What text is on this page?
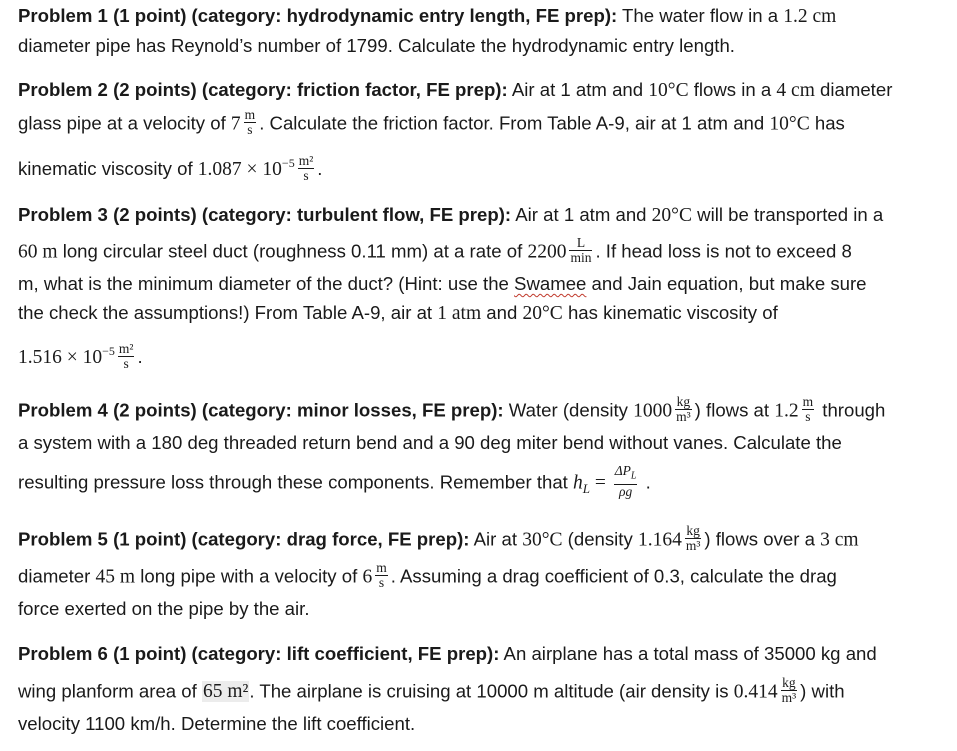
Problem 1 (1 point) (category: hydrodynamic entry length, FE prep): The water flow in a 1.2 cm
diameter pipe has Reynold’s number of 1799. Calculate the hydrodynamic entry length.
Problem 2 (2 points) (category: friction factor, FE prep): Air at 1 atm and 10°C flows in a 4 cm diameter
glass pipe at a velocity of $7 \frac{m}{s}$ . Calculate the friction factor. From Table A-9, air at 1 atm and 10°C has
kinematic viscosity of $1.087 \times 10^{-5} \frac{\text{m²}}{s}$ .
Problem 3 (2 points) (category: turbulent flow, FE prep): Air at 1 atm and 20°C will be transported in a
60 m long circular steel duct (roughness 0.11 mm) at a rate of $2200 \frac{L}{\min}$ . If head loss is not to exceed 8
m, what is the minimum diameter of the duct? (Hint: use the Swamee and Jain equation, but make sure
the check the assumptions!) From Table A-9, air at 1 atm and 20°C has kinematic viscosity of
$1.516 \times 10^{-5} \frac{\text{m²}}{s}$ .
Problem 4 (2 points) (category: minor losses, FE prep): Water (density $1000 \frac{kg}{\text{m³}}$ ) flows at $1.2 \frac{m}{s}$ through
a system with a 180 deg threaded return bend and a 90 deg miter bend without vanes. Calculate the
resulting pressure loss through these components. Remember that $h_L = \frac{\Delta P_L}{\rho g}$ .
Problem 5 (1 point) (category: drag force, FE prep): Air at 30°C (density $1.164 \frac{kg}{\text{m³}}$ ) flows over a 3 cm
diameter 45 m long pipe with a velocity of $6 \frac{m}{s}$ . Assuming a drag coefficient of 0.3, calculate the drag
force exerted on the pipe by the air.
Problem 6 (1 point) (category: lift coefficient, FE prep): An airplane has a total mass of 35000 kg and
wing planform area of 65 m². The airplane is cruising at 10000 m altitude (air density is $0.414 \frac{kg}{\text{m³}}$ ) with
velocity 1100 km/h. Determine the lift coefficient.
